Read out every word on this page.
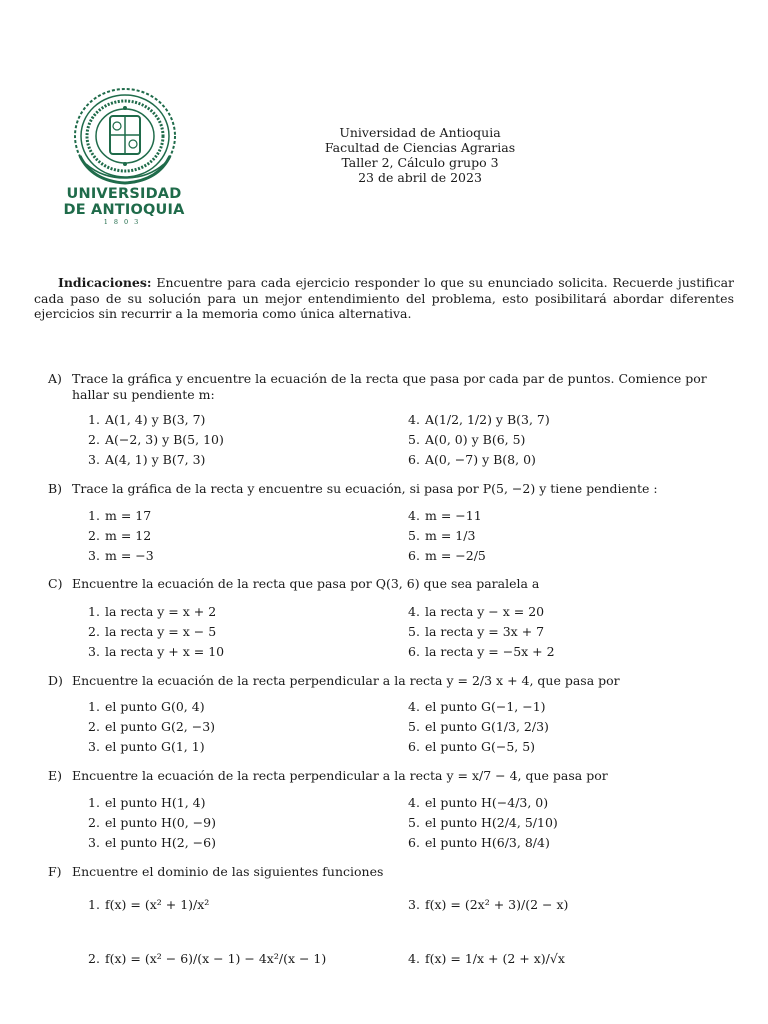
UNIVERSIDAD
DE ANTIOQUIA
1803
Universidad de Antioquia
Facultad de Ciencias Agrarias
Taller 2, Cálculo grupo 3
23 de abril de 2023
Indicaciones: Encuentre para cada ejercicio responder lo que su enunciado solicita. Recuerde justificar cada paso de su solución para un mejor entendimiento del problema, esto posibilitará abordar diferentes ejercicios sin recurrir a la memoria como única alternativa.
A) Trace la gráfica y encuentre la ecuación de la recta que pasa por cada par de puntos. Comience por hallar su pendiente m:
1. A(1, 4) y B(3, 7)
2. A(−2, 3) y B(5, 10)
3. A(4, 1) y B(7, 3)
4. A(1/2, 1/2) y B(3, 7)
5. A(0, 0) y B(6, 5)
6. A(0, −7) y B(8, 0)
B) Trace la gráfica de la recta y encuentre su ecuación, si pasa por P(5, −2) y tiene pendiente :
1. m = 17
2. m = 12
3. m = −3
4. m = −11
5. m = 1/3
6. m = −2/5
C) Encuentre la ecuación de la recta que pasa por Q(3, 6) que sea paralela a
1. la recta y = x + 2
2. la recta y = x − 5
3. la recta y + x = 10
4. la recta y − x = 20
5. la recta y = 3x + 7
6. la recta y = −5x + 2
D) Encuentre la ecuación de la recta perpendicular a la recta y = 2/3 x + 4, que pasa por
1. el punto G(0, 4)
2. el punto G(2, −3)
3. el punto G(1, 1)
4. el punto G(−1, −1)
5. el punto G(1/3, 2/3)
6. el punto G(−5, 5)
E) Encuentre la ecuación de la recta perpendicular a la recta y = x/7 − 4, que pasa por
1. el punto H(1, 4)
2. el punto H(0, −9)
3. el punto H(2, −6)
4. el punto H(−4/3, 0)
5. el punto H(2/4, 5/10)
6. el punto H(6/3, 8/4)
F) Encuentre el dominio de las siguientes funciones
1. f(x) = (x² + 1)/x²
2. f(x) = (x² − 6)/(x − 1) − 4x²/(x − 1)
3. f(x) = (2x² + 3)/(2 − x)
4. f(x) = 1/x + (2 + x)/√x
